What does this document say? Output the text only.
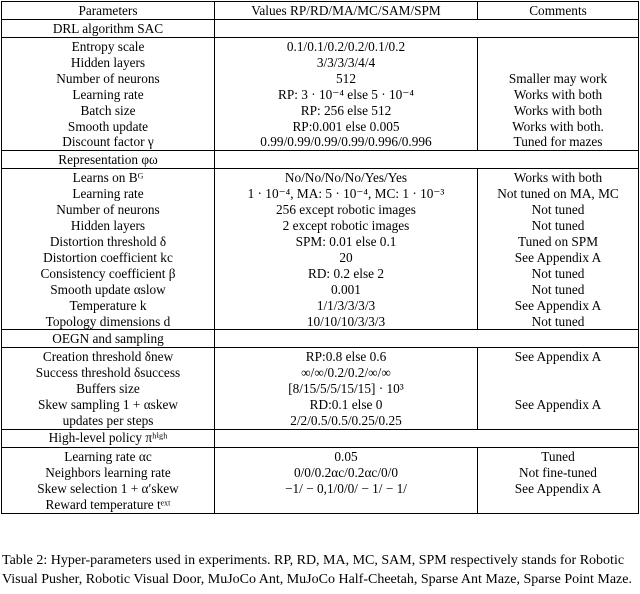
Parameters	Values RP/RD/MA/MC/SAM/SPM	Comments
DRL algorithm SAC		
Entropy scale	0.1/0.1/0.2/0.2/0.1/0.2	
Hidden layers	3/3/3/3/4/4	
Number of neurons	512	Smaller may work
Learning rate	RP: 3 · 10⁻⁴ else 5 · 10⁻⁴	Works with both
Batch size	RP: 256 else 512	Works with both
Smooth update	RP:0.001 else 0.005	Works with both.
Discount factor γ	0.99/0.99/0.99/0.99/0.996/0.996	Tuned for mazes
Representation φω		
Learns on Bᴳ	No/No/No/No/Yes/Yes	Works with both
Learning rate	1 · 10⁻⁴, MA: 5 · 10⁻⁴, MC: 1 · 10⁻³	Not tuned on MA, MC
Number of neurons	256 except robotic images	Not tuned
Hidden layers	2 except robotic images	Not tuned
Distortion threshold δ	SPM: 0.01 else 0.1	Tuned on SPM
Distortion coefficient kc	20	See Appendix A
Consistency coefficient β	RD: 0.2 else 2	Not tuned
Smooth update αslow	0.001	Not tuned
Temperature k	1/1/3/3/3/3	See Appendix A
Topology dimensions d	10/10/10/3/3/3	Not tuned
OEGN and sampling		
Creation threshold δnew	RP:0.8 else 0.6	See Appendix A
Success threshold δsuccess	∞/∞/0.2/0.2/∞/∞	
Buffers size	[8/15/5/5/15/15] · 10³	
Skew sampling 1 + αskew	RD:0.1 else 0	See Appendix A
updates per steps	2/2/0.5/0.5/0.25/0.25	
High-level policy πʰⁱᵍʰ		
Learning rate αc	0.05	Tuned
Neighbors learning rate	0/0/0.2αc/0.2αc/0/0	Not fine-tuned
Skew selection 1 + α′skew	−1/ − 0,1/0/0/ − 1/ − 1/	See Appendix A
Reward temperature tᵉˣᵗ		
Table 2: Hyper-parameters used in experiments. RP, RD, MA, MC, SAM, SPM respectively stands for Robotic Visual Pusher, Robotic Visual Door, MuJoCo Ant, MuJoCo Half-Cheetah, Sparse Ant Maze, Sparse Point Maze.
